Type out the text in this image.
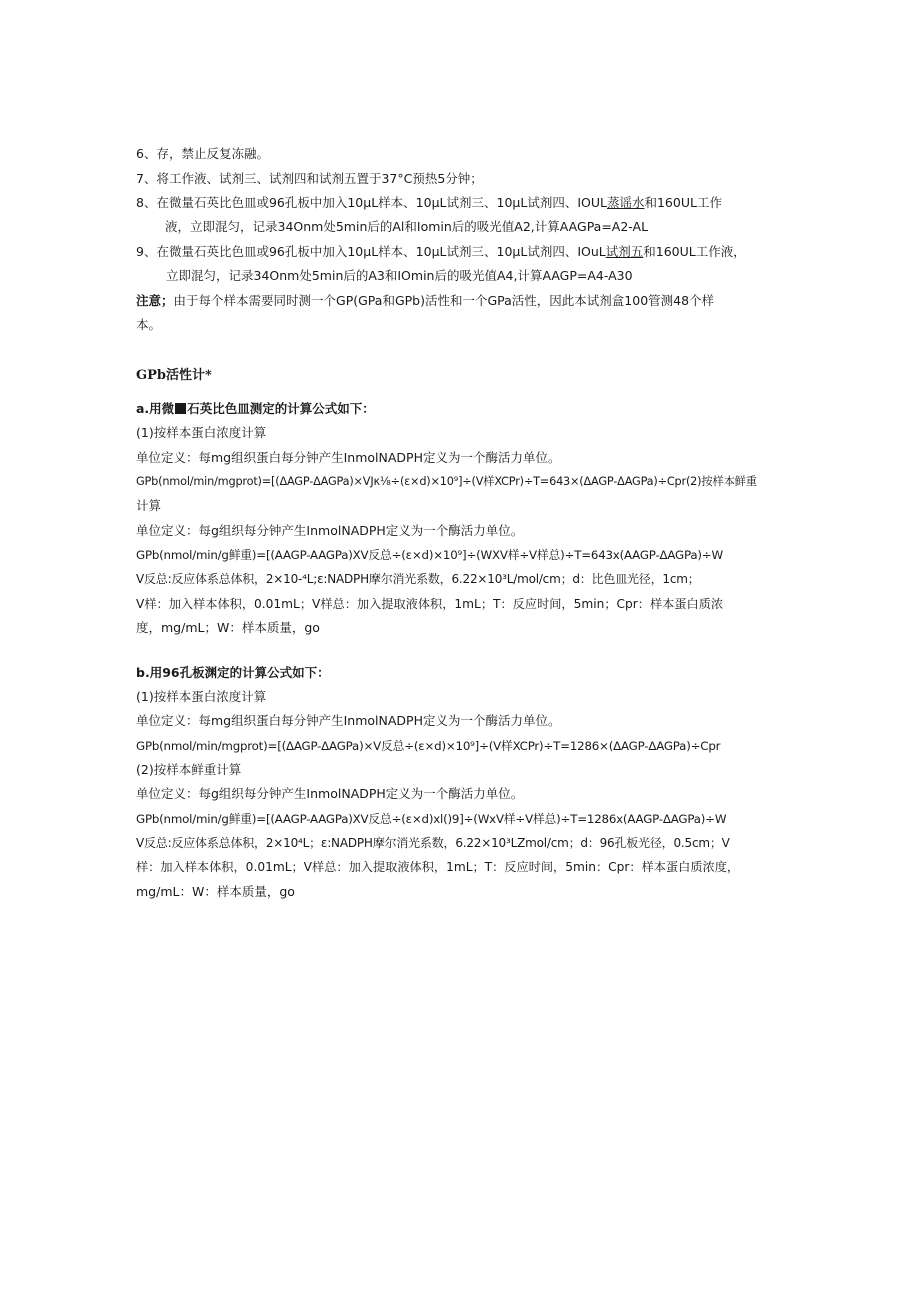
6、存，禁止反复冻融。
7、将工作液、试剂三、试剂四和试剂五置于37°C预热5分钟；
8、在微量石英比色皿或96孔板中加入10μL样本、10μL试剂三、10μL试剂四、IOUL蒸谣水和160UL工作
液，立即混匀，记录34Onm处5min后的Al和Iomin后的吸光值A2,计算AAGPa=A2-AL
9、在微量石英比色皿或96孔板中加入10μL样本、10μL试剂三、10μL试剂四、IOuL试剂五和160UL工作液，
立即混匀，记录34Onm处5min后的A3和IOmin后的吸光值A4,计算AAGP=A4-A30
注意；由于每个样本需要同时测一个GP(GPa和GPb)活性和一个GPa活性，因此本试剂盒100管测48个样
本。
GPb活性计*
a.用微 石英比色皿测定的计算公式如下：
(1)按样本蛋白浓度计算
单位定义：每mg组织蛋白每分钟产生InmolNADPH定义为一个酶活力单位。
GPb(nmol/min/mgprot)=[(ΔAGP-ΔAGPa)×VJκ⅛÷(ε×d)×10⁹]÷(V样XCPr)÷T=643×(ΔAGP-ΔAGPa)÷Cpr(2)按样本鲜重
计算
单位定义：每g组织每分钟产生InmolNADPH定义为一个酶活力单位。
GPb(nmol/min/g鲜重)=[(AAGP-AAGPa)XV反总÷(ε×d)×10⁹]÷(WXV样÷V样总)÷T=643x(AAGP-ΔAGPa)÷W
V反总:反应体系总体积，2×10-⁴L;ε:NADPH摩尔消光系数，6.22×10³L/mol/cm；d：比色皿光径，1cm；
V样：加入样本体积，0.01mL；V样总：加入提取液体积，1mL；T：反应时间，5min；Cpr：样本蛋白质浓
度，mg/mL；W：样本质量，go
b.用96孔板渊定的计算公式如下：
(1)按样本蛋白浓度计算
单位定义：每mg组织蛋白每分钟产生InmolNADPH定义为一个酶活力单位。
GPb(nmol/min/mgprot)=[(ΔAGP-ΔAGPa)×V反总÷(ε×d)×10⁹]÷(V样XCPr)÷T=1286×(ΔAGP-ΔAGPa)÷Cpr
(2)按样本鲜重计算
单位定义：每g组织每分钟产生InmolNADPH定义为一个酶活力单位。
GPb(nmol/min/g鲜重)=[(AAGP-AAGPa)XV反总÷(ε×d)xl()9]÷(WxV样÷V样总)÷T=1286x(AAGP-ΔAGPa)÷W
V反总:反应体系总体积，2×10⁴L；ε:NADPH摩尔消光系数，6.22×10³LZmol/cm；d：96孔板光径，0.5cm；V
样：加入样本体积，0.01mL；V样总：加入提取液体积，1mL；T：反应时间，5min：Cpr：样本蛋白质浓度，
mg/mL：W：样本质量，go
